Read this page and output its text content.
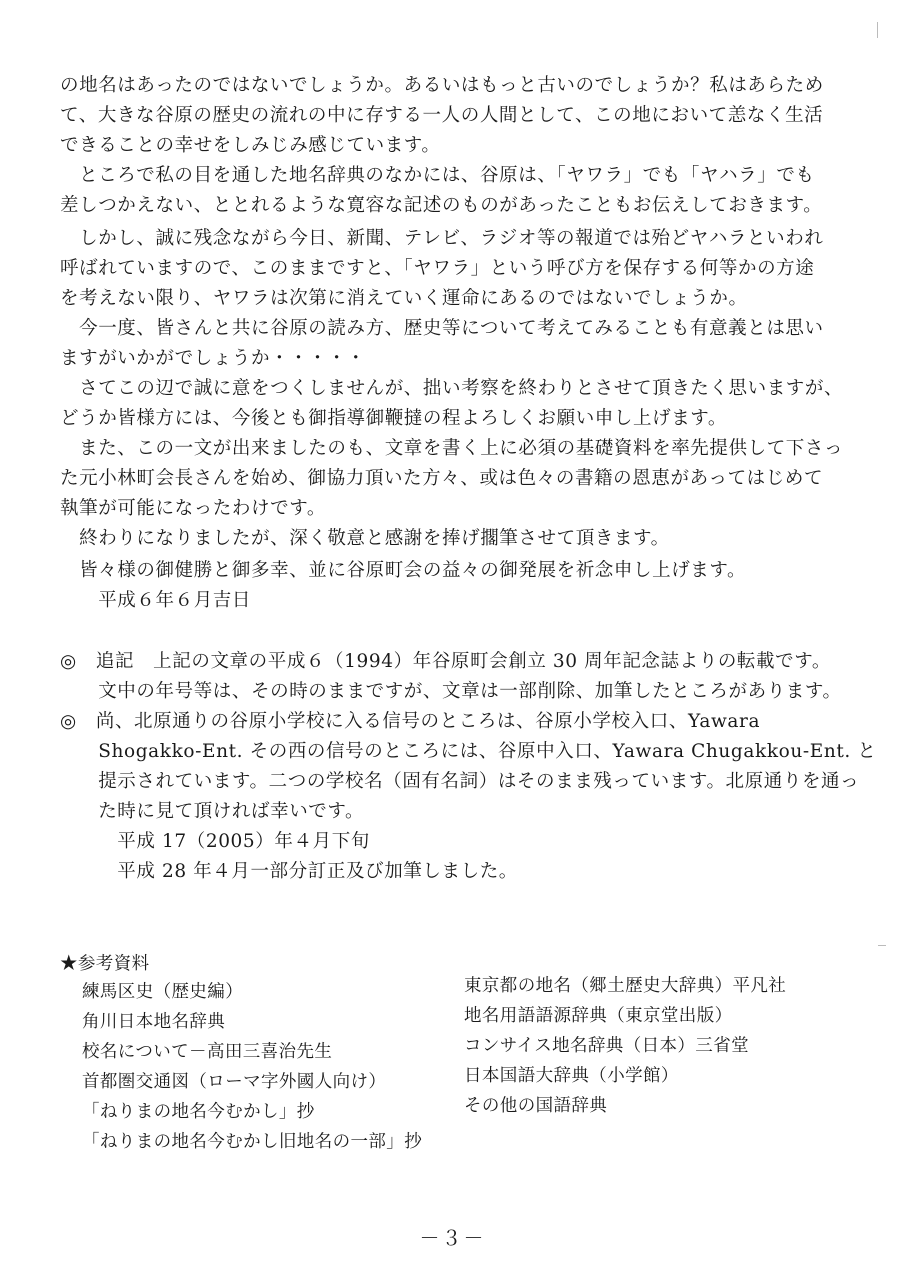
の地名はあったのではないでしょうか。あるいはもっと古いのでしょうか？私はあらため
て、大きな谷原の歴史の流れの中に存する一人の人間として、この地において恙なく生活
できることの幸せをしみじみ感じています。
　ところで私の目を通した地名辞典のなかには、谷原は、「ヤワラ」でも「ヤハラ」でも
差しつかえない、ととれるような寛容な記述のものがあったこともお伝えしておきます。
　しかし、誠に残念ながら今日、新聞、テレビ、ラジオ等の報道では殆どヤハラといわれ
呼ばれていますので、このままですと、「ヤワラ」という呼び方を保存する何等かの方途
を考えない限り、ヤワラは次第に消えていく運命にあるのではないでしょうか。
　今一度、皆さんと共に谷原の読み方、歴史等について考えてみることも有意義とは思い
ますがいかがでしょうか・・・・・
　さてこの辺で誠に意をつくしませんが、拙い考察を終わりとさせて頂きたく思いますが、
どうか皆様方には、今後とも御指導御鞭撻の程よろしくお願い申し上げます。
　また、この一文が出来ましたのも、文章を書く上に必須の基礎資料を率先提供して下さっ
た元小林町会長さんを始め、御協力頂いた方々、或は色々の書籍の恩恵があってはじめて
執筆が可能になったわけです。
　終わりになりましたが、深く敬意と感謝を捧げ擱筆させて頂きます。
　皆々様の御健勝と御多幸、並に谷原町会の益々の御発展を祈念申し上げます。
　　平成６年６月吉日
◎　追記　上記の文章の平成６（1994）年谷原町会創立 30 周年記念誌よりの転載です。
　　文中の年号等は、その時のままですが、文章は一部削除、加筆したところがあります。
◎　尚、北原通りの谷原小学校に入る信号のところは、谷原小学校入口、Yawara
　　Shogakko-Ent. その西の信号のところには、谷原中入口、Yawara Chugakkou-Ent. と
　　提示されています。二つの学校名（固有名詞）はそのまま残っています。北原通りを通っ
　　た時に見て頂ければ幸いです。
　　　平成 17（2005）年４月下旬
　　　平成 28 年４月一部分訂正及び加筆しました。
★参考資料
練馬区史（歴史編）
角川日本地名辞典
校名について－高田三喜治先生
首都圏交通図（ローマ字外國人向け）
「ねりまの地名今むかし」抄
「ねりまの地名今むかし旧地名の一部」抄
東京都の地名（郷土歴史大辞典）平凡社
地名用語語源辞典（東京堂出版）
コンサイス地名辞典（日本）三省堂
日本国語大辞典（小学館）
その他の国語辞典
－３－
